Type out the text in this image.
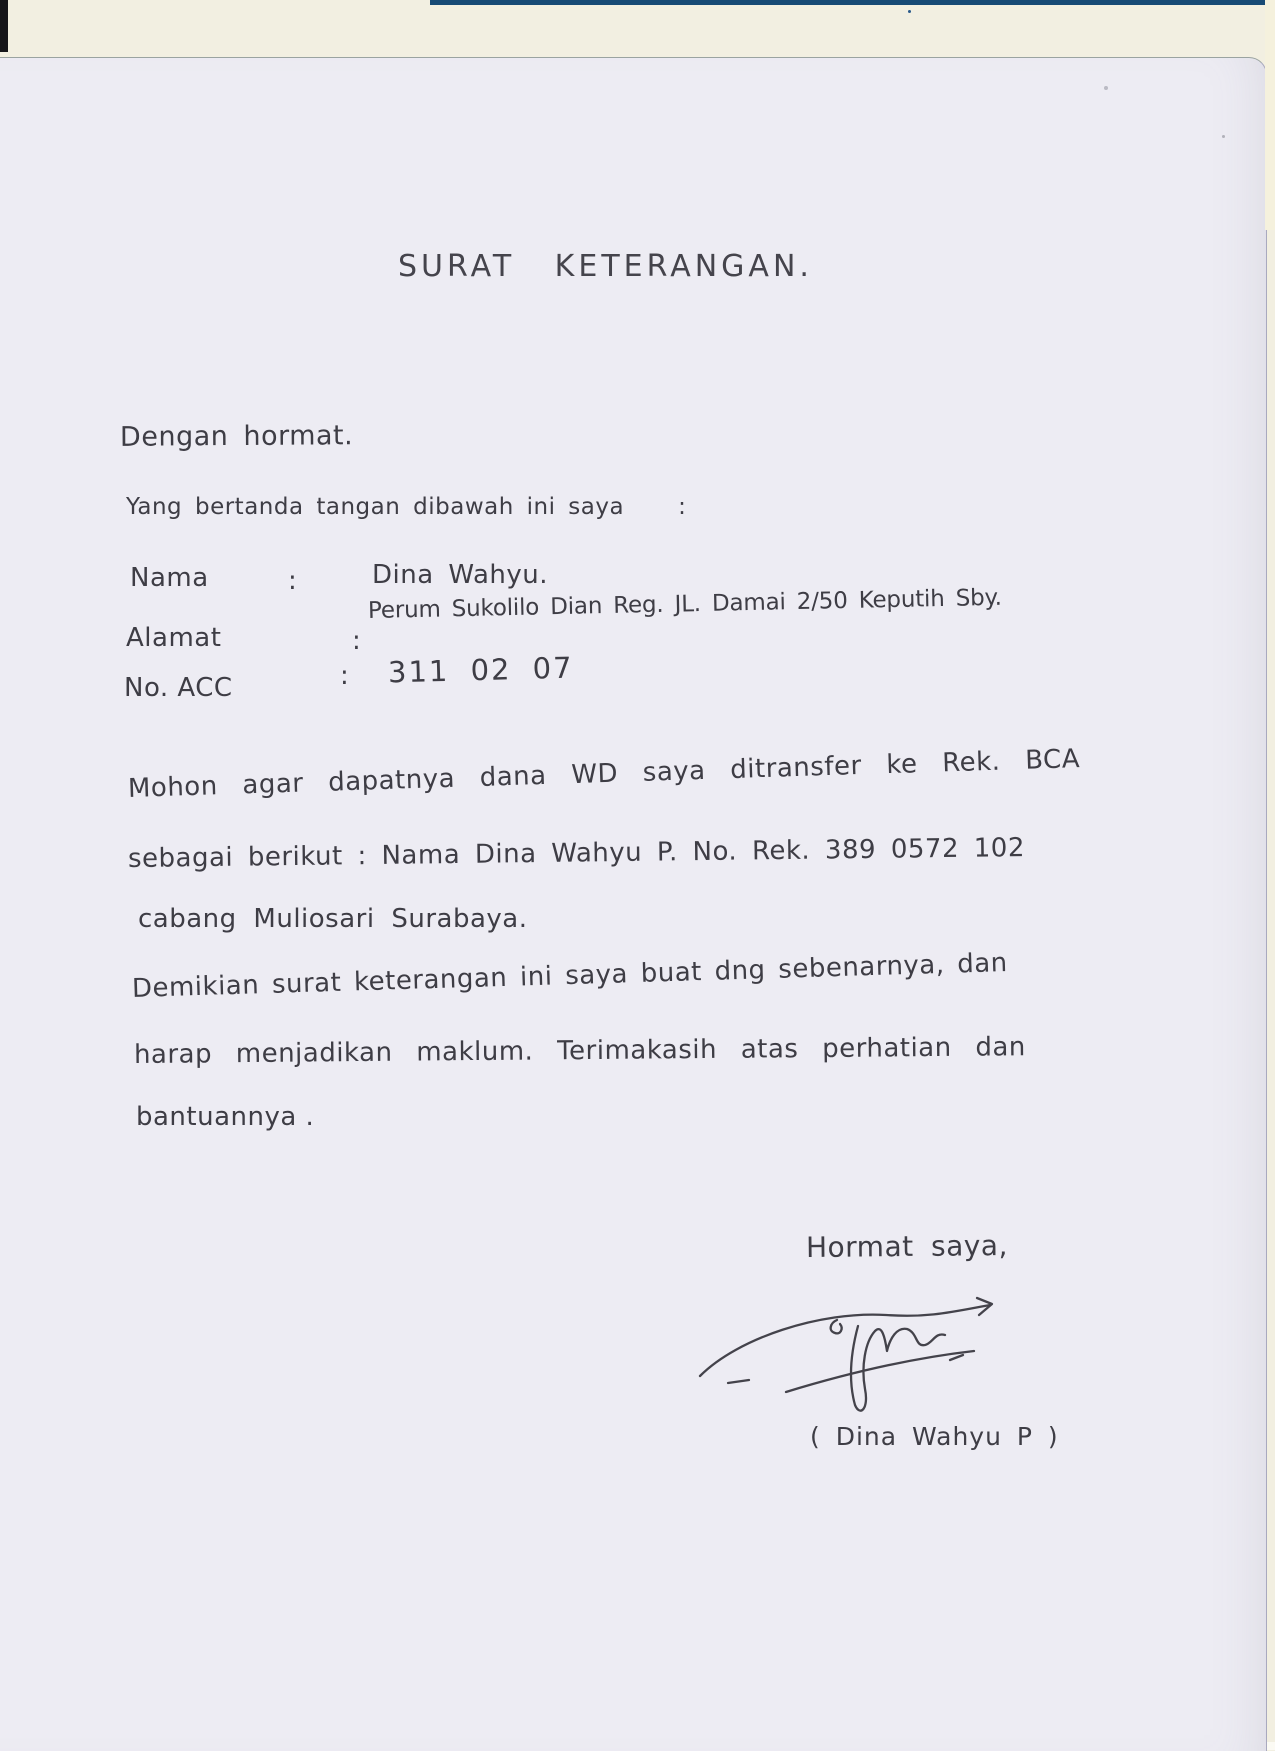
SURAT KETERANGAN.
Dengan hormat.
Yang bertanda tangan dibawah ini saya :
Nama	:	Dina Wahyu.
Alamat	:
Perum Sukolilo Dian Reg. JL. Damai 2/50 Keputih Sby.
No. ACC	: 311 02 07
Mohon agar dapatnya dana WD saya ditransfer ke Rek. BCA
sebagai berikut : Nama Dina Wahyu P. No. Rek. 389 0572 102
cabang Muliosari Surabaya.
Demikian surat keterangan ini saya buat dng sebenarnya, dan
harap menjadikan maklum. Terimakasih atas perhatian dan
bantuannya .
Hormat saya,
( Dina Wahyu P )
